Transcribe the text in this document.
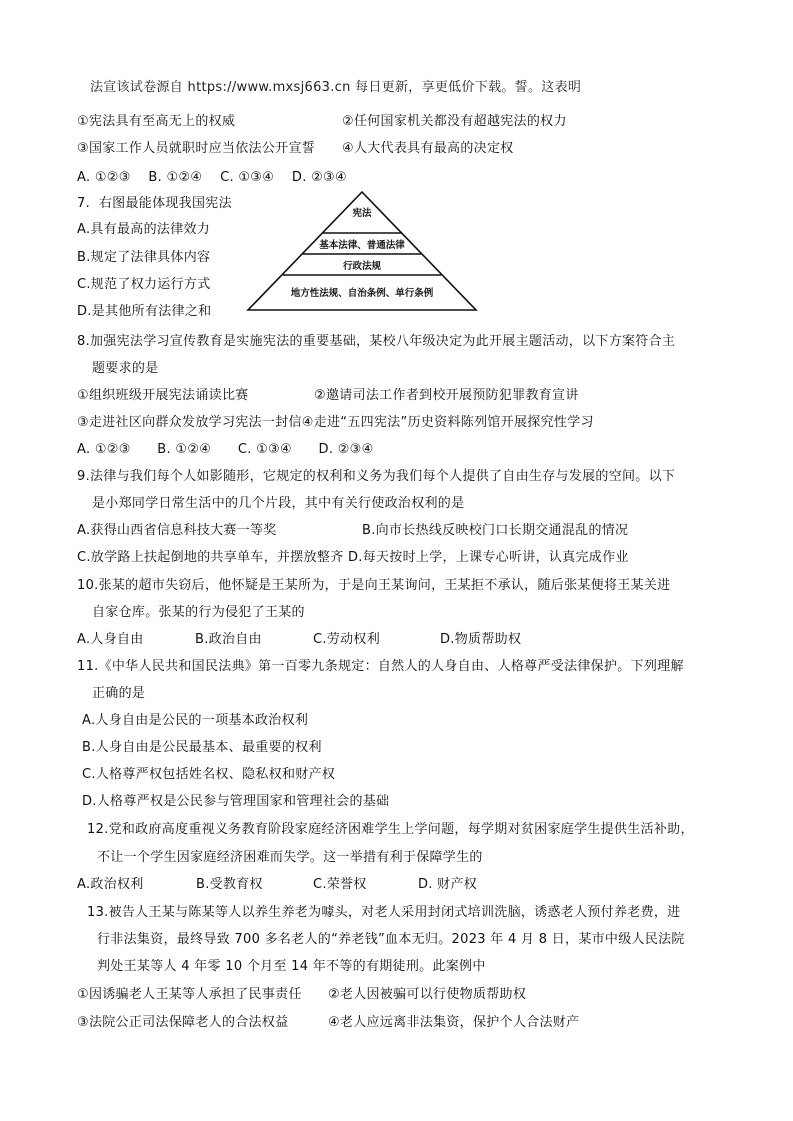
法宣该试卷源自 https://www.mxsj663.cn 每日更新，享更低价下载。誓。这表明
①宪法具有至高无上的权威	②任何国家机关都没有超越宪法的权力
③国家工作人员就职时应当依法公开宣誓 ④人大代表具有最高的决定权
A. ①②③    B. ①②④    C. ①③④    D. ②③④
7.  右图最能体现我国宪法
A.具有最高的法律效力
B.规定了法律具体内容
C.规范了权力运行方式
D.是其他所有法律之和
宪法
基本法律、普通法律
行政法规
地方性法规、自治条例、单行条例
8.加强宪法学习宣传教育是实施宪法的重要基础，某校八年级决定为此开展主题活动，以下方案符合主
题要求的是
①组织班级开展宪法诵读比赛	②邀请司法工作者到校开展预防犯罪教育宣讲
③走进社区向群众发放学习宪法一封信④走进“五四宪法”历史资料陈列馆开展探究性学习
A. ①②③      B. ①②④      C. ①③④      D. ②③④
9.法律与我们每个人如影随形，它规定的权利和义务为我们每个人提供了自由生存与发展的空间。以下
是小郑同学日常生活中的几个片段，其中有关行使政治权利的是
A.获得山西省信息科技大赛一等奖	B.向市长热线反映校门口长期交通混乱的情况
C.放学路上扶起倒地的共享单车，并摆放整齐 D.每天按时上学，上课专心听讲，认真完成作业
10.张某的超市失窃后，他怀疑是王某所为，于是向王某询问，王某拒不承认，随后张某便将王某关进
自家仓库。张某的行为侵犯了王某的
A.人身自由	B.政治自由	C.劳动权利	D.物质帮助权
11.《中华人民共和国民法典》第一百零九条规定：自然人的人身自由、人格尊严受法律保护。下列理解
正确的是
A.人身自由是公民的一项基本政治权利
B.人身自由是公民最基本、最重要的权利
C.人格尊严权包括姓名权、隐私权和财产权
D.人格尊严权是公民参与管理国家和管理社会的基础
12.党和政府高度重视义务教育阶段家庭经济困难学生上学问题，每学期对贫困家庭学生提供生活补助，
不让一个学生因家庭经济困难而失学。这一举措有利于保障学生的
A.政治权利	B.受教育权	C.荣誉权	D. 财产权
13.被告人王某与陈某等人以养生养老为噱头，对老人采用封闭式培训洗脑，诱惑老人预付养老费，进
行非法集资，最终导致 700 多名老人的“养老钱”血本无归。2023 年 4 月 8 日，某市中级人民法院
判处王某等人 4 年零 10 个月至 14 年不等的有期徒刑。此案例中
①因诱骗老人王某等人承担了民事责任 ②老人因被骗可以行使物质帮助权
③法院公正司法保障老人的合法权益	④老人应远离非法集资，保护个人合法财产
